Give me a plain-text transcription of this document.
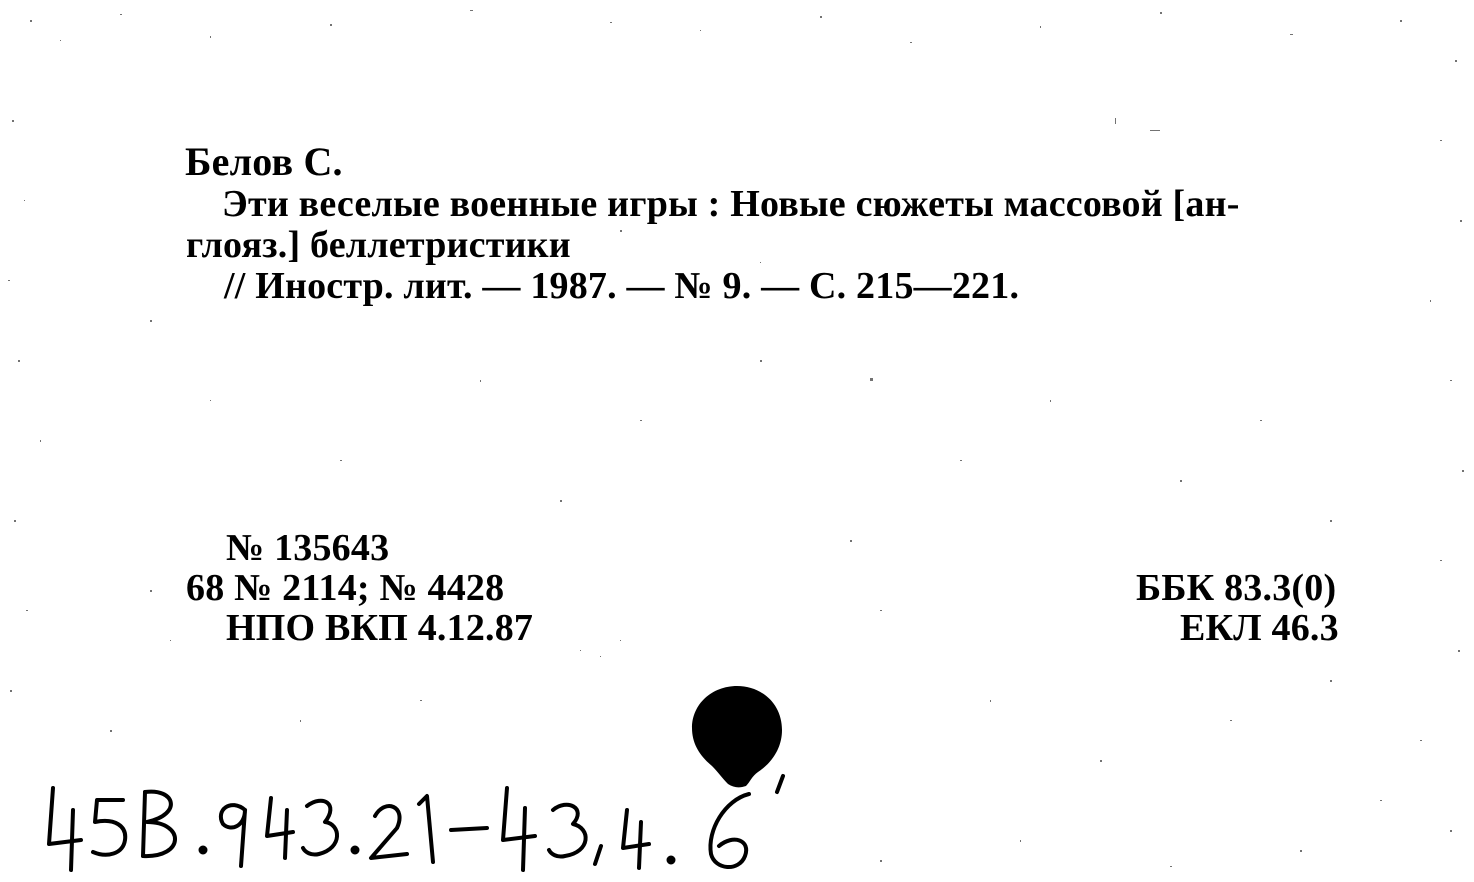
Белов С.
Эти веселые военные игры : Новые сюжеты массовой [ан-
глояз.] беллетристики
// Иностр. лит. — 1987. — № 9. — С. 215—221.
№ 135643
68 № 2114; № 4428
НПО ВКП 4.12.87
ББК 83.3(0)
ЕКЛ 46.3
